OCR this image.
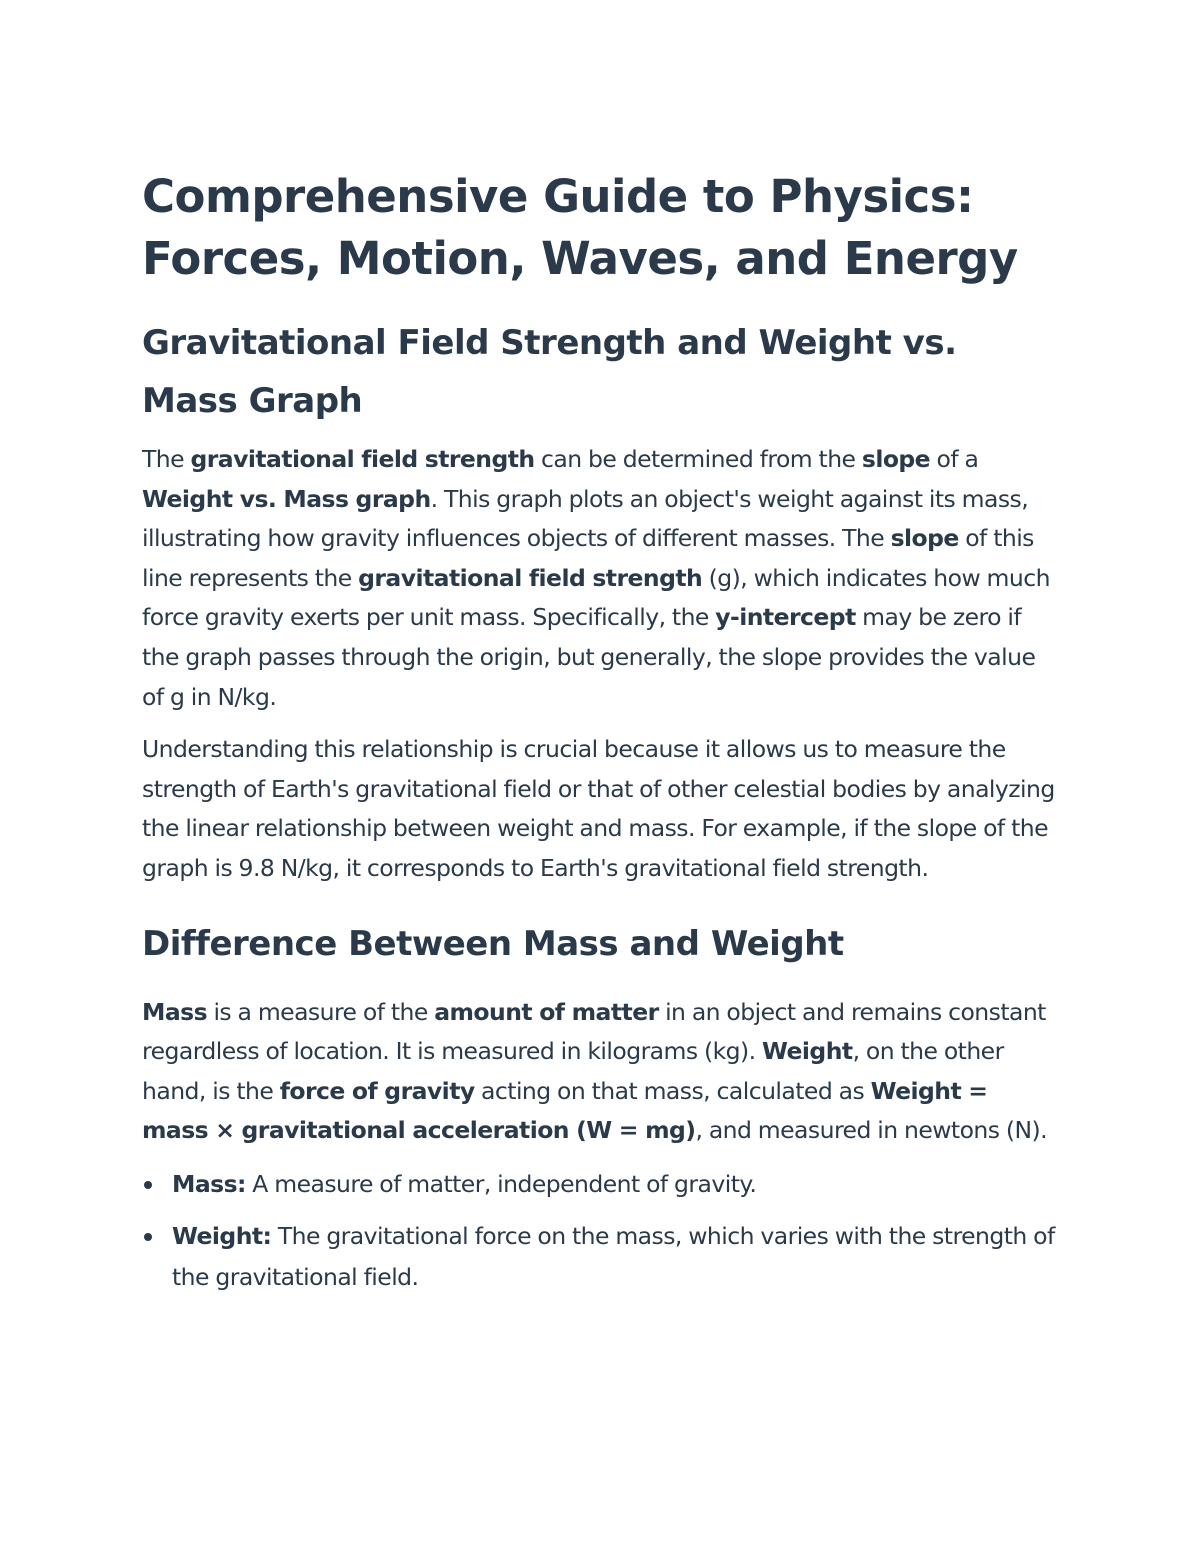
Comprehensive Guide to Physics:
Forces, Motion, Waves, and Energy
Gravitational Field Strength and Weight vs. Mass Graph

The gravitational field strength can be determined from the slope of a Weight vs. Mass graph. This graph plots an object's weight against its mass, illustrating how gravity influences objects of different masses. The slope of this line represents the gravitational field strength (g), which indicates how much force gravity exerts per unit mass. Specifically, the y-intercept may be zero if the graph passes through the origin, but generally, the slope provides the value of g in N/kg.

Understanding this relationship is crucial because it allows us to measure the strength of Earth's gravitational field or that of other celestial bodies by analyzing the linear relationship between weight and mass. For example, if the slope of the graph is 9.8 N/kg, it corresponds to Earth's gravitational field strength.

Difference Between Mass and Weight

Mass is a measure of the amount of matter in an object and remains constant regardless of location. It is measured in kilograms (kg). Weight, on the other hand, is the force of gravity acting on that mass, calculated as Weight = mass × gravitational acceleration (W = mg), and measured in newtons (N).

Mass: A measure of matter, independent of gravity.
Weight: The gravitational force on the mass, which varies with the strength of the gravitational field.
